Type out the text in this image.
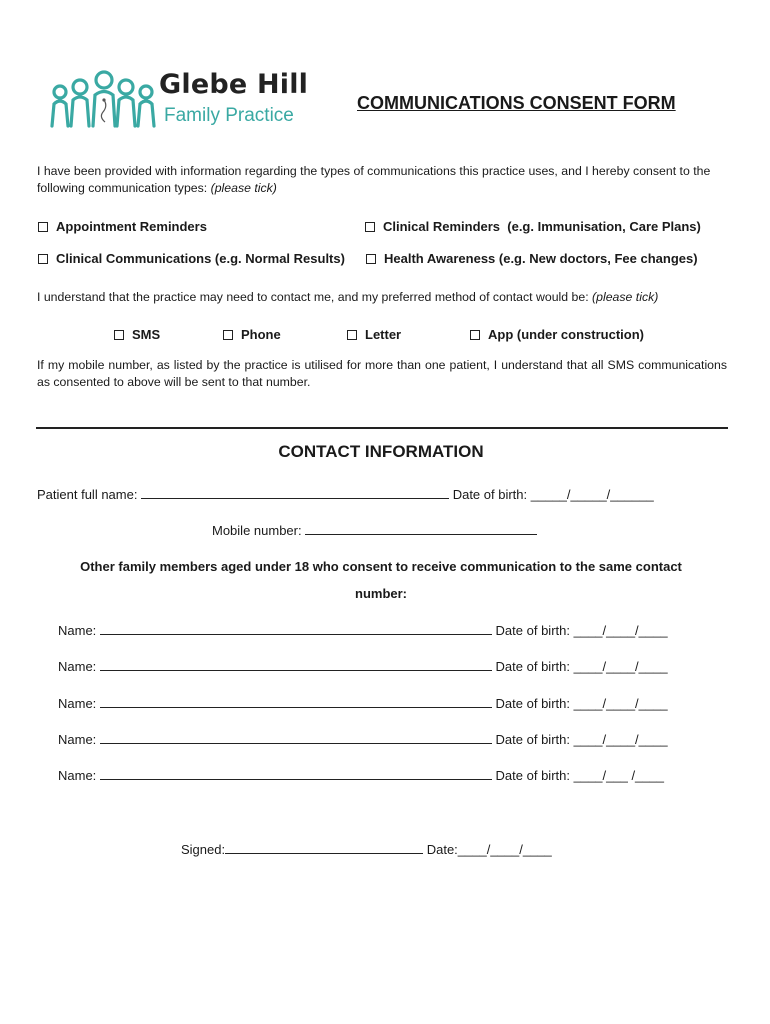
Glebe Hill
Family Practice
COMMUNICATIONS CONSENT FORM
I have been provided with information regarding the types of communications this practice uses, and I hereby consent to the following communication types: (please tick)
Appointment Reminders	Clinical Reminders  (e.g. Immunisation, Care Plans)
Clinical Communications (e.g. Normal Results)	Health Awareness (e.g. New doctors, Fee changes)
I understand that the practice may need to contact me, and my preferred method of contact would be: (please tick)
SMS	Phone	Letter	App (under construction)
If my mobile number, as listed by the practice is utilised for more than one patient, I understand that all SMS communications as consented to above will be sent to that number.
CONTACT INFORMATION
Patient full name:	Date of birth: _____/_____/______
Mobile number:
Other family members aged under 18 who consent to receive communication to the same contact
number:
Name:	Date of birth: ____/____/____
Name:	Date of birth: ____/____/____
Name:	Date of birth: ____/____/____
Name:	Date of birth: ____/____/____
Name:	Date of birth: ____/___ /____
Signed:	Date:____/____/____
